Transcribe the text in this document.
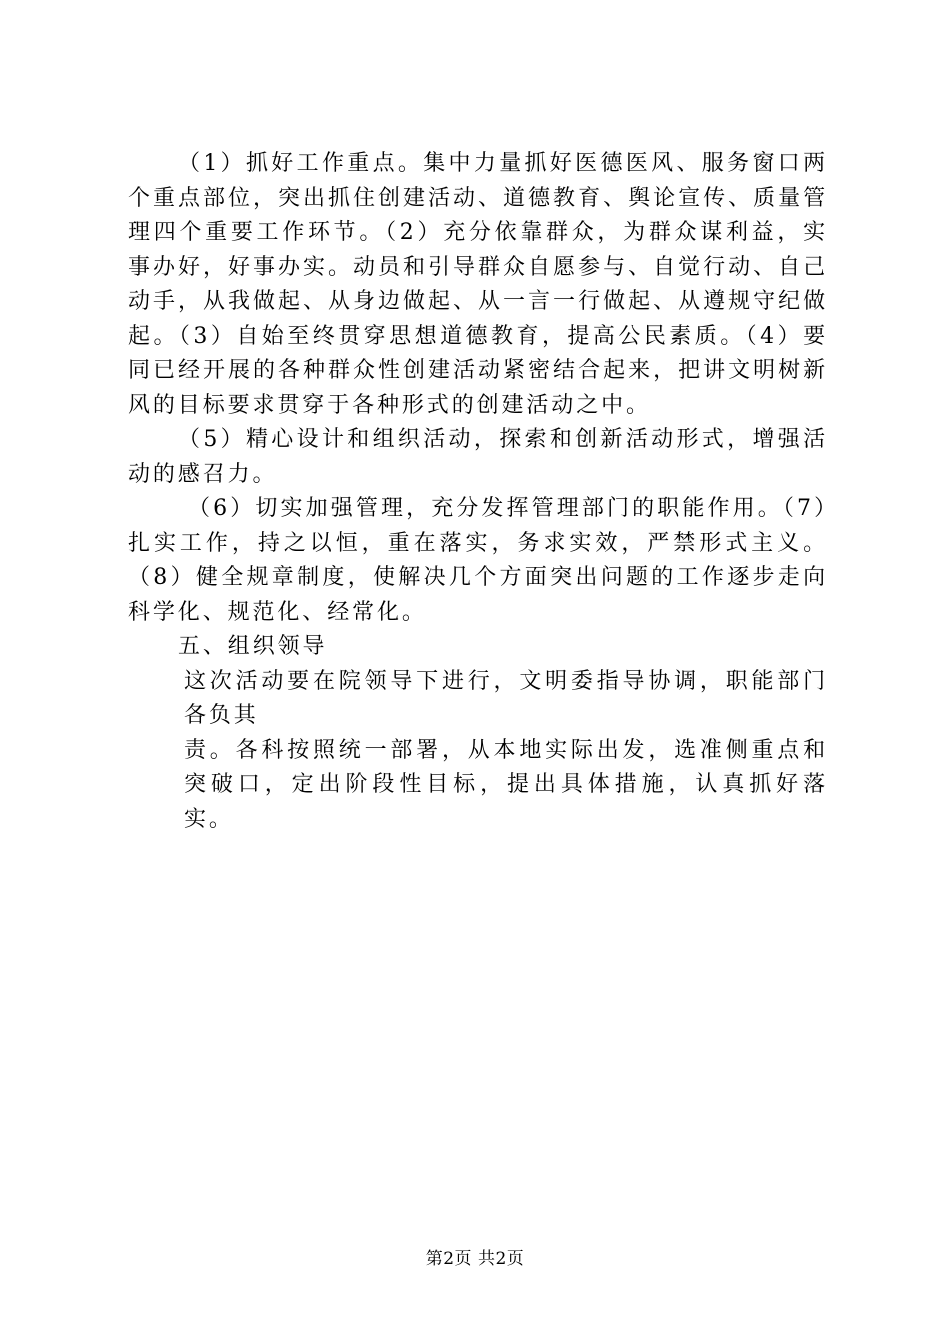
（1）抓好工作重点。集中力量抓好医德医风、服务窗口两个重点部位，突出抓住创建活动、道德教育、舆论宣传、质量管理四个重要工作环节。（2）充分依靠群众，为群众谋利益，实事办好，好事办实。动员和引导群众自愿参与、自觉行动、自己动手，从我做起、从身边做起、从一言一行做起、从遵规守纪做起。（3）自始至终贯穿思想道德教育，提高公民素质。（4）要同已经开展的各种群众性创建活动紧密结合起来，把讲文明树新风的目标要求贯穿于各种形式的创建活动之中。

（5）精心设计和组织活动，探索和创新活动形式，增强活动的感召力。

（6）切实加强管理，充分发挥管理部门的职能作用。（7）扎实工作，持之以恒，重在落实，务求实效，严禁形式主义。（8）健全规章制度，使解决几个方面突出问题的工作逐步走向科学化、规范化、经常化。

五、组织领导

这次活动要在院领导下进行，文明委指导协调，职能部门各负其

责。各科按照统一部署，从本地实际出发，选准侧重点和突破口，定出阶段性目标，提出具体措施，认真抓好落实。

第2页 共2页
